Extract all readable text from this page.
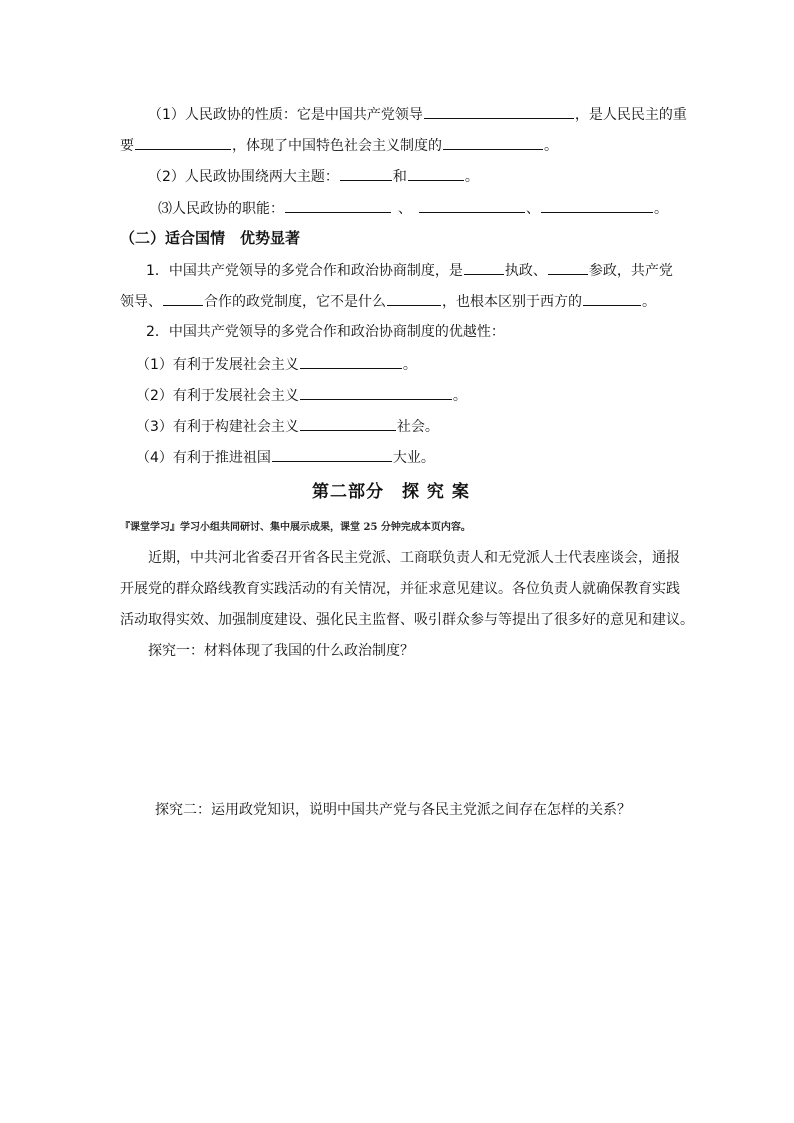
（1）人民政协的性质：它是中国共产党领导	，是人民民主的重
要	，体现了中国特色社会主义制度的	。
（2）人民政协围绕两大主题：	和	。
⑶人民政协的职能：	、	、	。
（二）适合国情　优势显著
1．中国共产党领导的多党合作和政治协商制度，是	执政、	参政，共产党
领导、	合作的政党制度，它不是什么	，也根本区别于西方的	。
2．中国共产党领导的多党合作和政治协商制度的优越性：
（1）有利于发展社会主义	。
（2）有利于发展社会主义	。
（3）有利于构建社会主义	社会。
（4）有利于推进祖国	大业。
第二部分　探 究 案
『课堂学习』学习小组共同研讨、集中展示成果，课堂 25 分钟完成本页内容。
近期，中共河北省委召开省各民主党派、工商联负责人和无党派人士代表座谈会，通报
开展党的群众路线教育实践活动的有关情况，并征求意见建议。各位负责人就确保教育实践
活动取得实效、加强制度建设、强化民主监督、吸引群众参与等提出了很多好的意见和建议。
探究一：材料体现了我国的什么政治制度？
探究二：运用政党知识，说明中国共产党与各民主党派之间存在怎样的关系？
